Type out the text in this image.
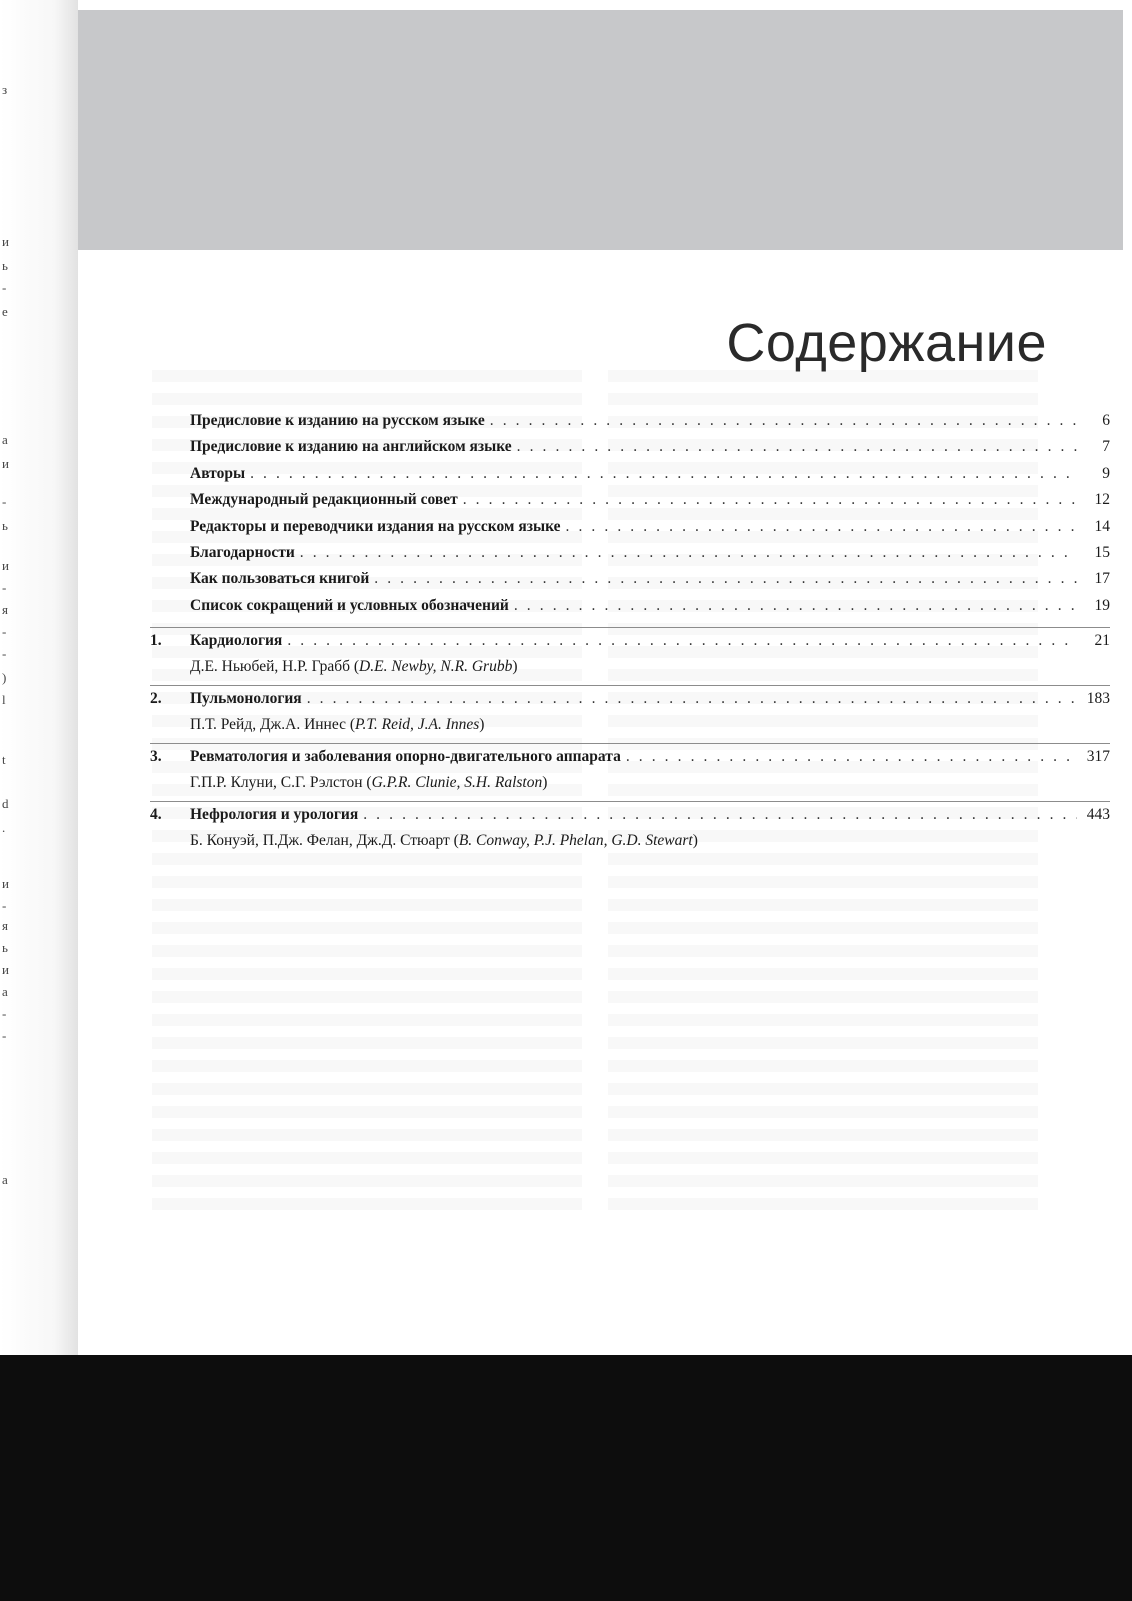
з
и
ь
-
е
а
и
-
ь
и
-
я
-
-
)
l
t
d
.
и
-
я
ь
и
а
-
-
а
Содержание
Предисловие к изданию на русском языке . . .	6
Предисловие к изданию на английском языке . . .	7
Авторы . . .	9
Международный редакционный совет . . .	12
Редакторы и переводчики издания на русском языке . . .	14
Благодарности . . .	15
Как пользоваться книгой . . .	17
Список сокращений и условных обозначений . . .	19
1. Кардиология . . .	21
Д.Е. Ньюбей, Н.Р. Грабб (D.E. Newby, N.R. Grubb)
2. Пульмонология . . .	183
П.Т. Рейд, Дж.А. Иннес (P.T. Reid, J.A. Innes)
3. Ревматология и заболевания опорно-двигательного аппарата . . .	317
Г.П.Р. Клуни, С.Г. Рэлстон (G.P.R. Clunie, S.H. Ralston)
4. Нефрология и урология . . .	443
Б. Конуэй, П.Дж. Фелан, Дж.Д. Стюарт (B. Conway, P.J. Phelan, G.D. Stewart)
